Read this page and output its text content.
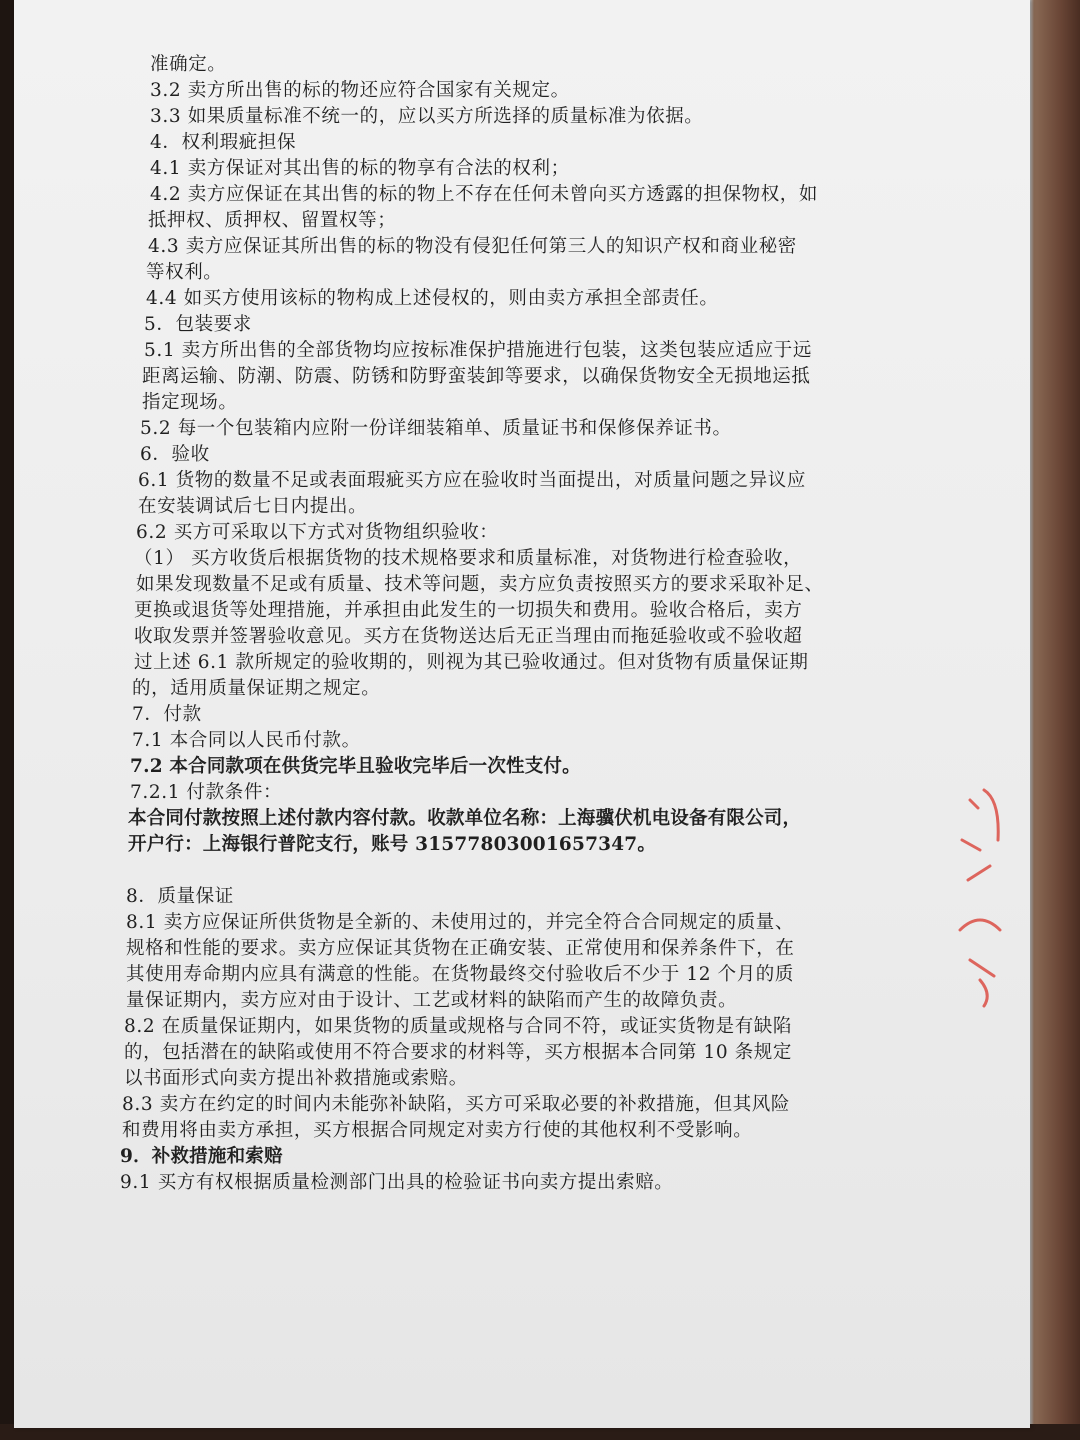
准确定。
3.2 卖方所出售的标的物还应符合国家有关规定。
3.3 如果质量标准不统一的，应以买方所选择的质量标准为依据。
4．权利瑕疵担保
4.1 卖方保证对其出售的标的物享有合法的权利；
4.2 卖方应保证在其出售的标的物上不存在任何未曾向买方透露的担保物权，如
抵押权、质押权、留置权等；
4.3 卖方应保证其所出售的标的物没有侵犯任何第三人的知识产权和商业秘密
等权利。
4.4 如买方使用该标的物构成上述侵权的，则由卖方承担全部责任。
5．包装要求
5.1 卖方所出售的全部货物均应按标准保护措施进行包装，这类包装应适应于远
距离运输、防潮、防震、防锈和防野蛮装卸等要求，以确保货物安全无损地运抵
指定现场。
5.2 每一个包装箱内应附一份详细装箱单、质量证书和保修保养证书。
6．验收
6.1 货物的数量不足或表面瑕疵买方应在验收时当面提出，对质量问题之异议应
在安装调试后七日内提出。
6.2 买方可采取以下方式对货物组织验收：
（1） 买方收货后根据货物的技术规格要求和质量标准，对货物进行检查验收，
如果发现数量不足或有质量、技术等问题，卖方应负责按照买方的要求采取补足、
更换或退货等处理措施，并承担由此发生的一切损失和费用。验收合格后，卖方
收取发票并签署验收意见。买方在货物送达后无正当理由而拖延验收或不验收超
过上述 6.1 款所规定的验收期的，则视为其已验收通过。但对货物有质量保证期
的，适用质量保证期之规定。
7．付款
7.1 本合同以人民币付款。
7.2 本合同款项在供货完毕且验收完毕后一次性支付。
7.2.1 付款条件：
本合同付款按照上述付款内容付款。收款单位名称：上海骥伏机电设备有限公司，
开户行：上海银行普陀支行，账号 31577803001657347。
8．质量保证
8.1 卖方应保证所供货物是全新的、未使用过的，并完全符合合同规定的质量、
规格和性能的要求。卖方应保证其货物在正确安装、正常使用和保养条件下，在
其使用寿命期内应具有满意的性能。在货物最终交付验收后不少于 12 个月的质
量保证期内，卖方应对由于设计、工艺或材料的缺陷而产生的故障负责。
8.2 在质量保证期内，如果货物的质量或规格与合同不符，或证实货物是有缺陷
的，包括潜在的缺陷或使用不符合要求的材料等，买方根据本合同第 10 条规定
以书面形式向卖方提出补救措施或索赔。
8.3 卖方在约定的时间内未能弥补缺陷，买方可采取必要的补救措施，但其风险
和费用将由卖方承担，买方根据合同规定对卖方行使的其他权利不受影响。
9．补救措施和索赔
9.1 买方有权根据质量检测部门出具的检验证书向卖方提出索赔。
